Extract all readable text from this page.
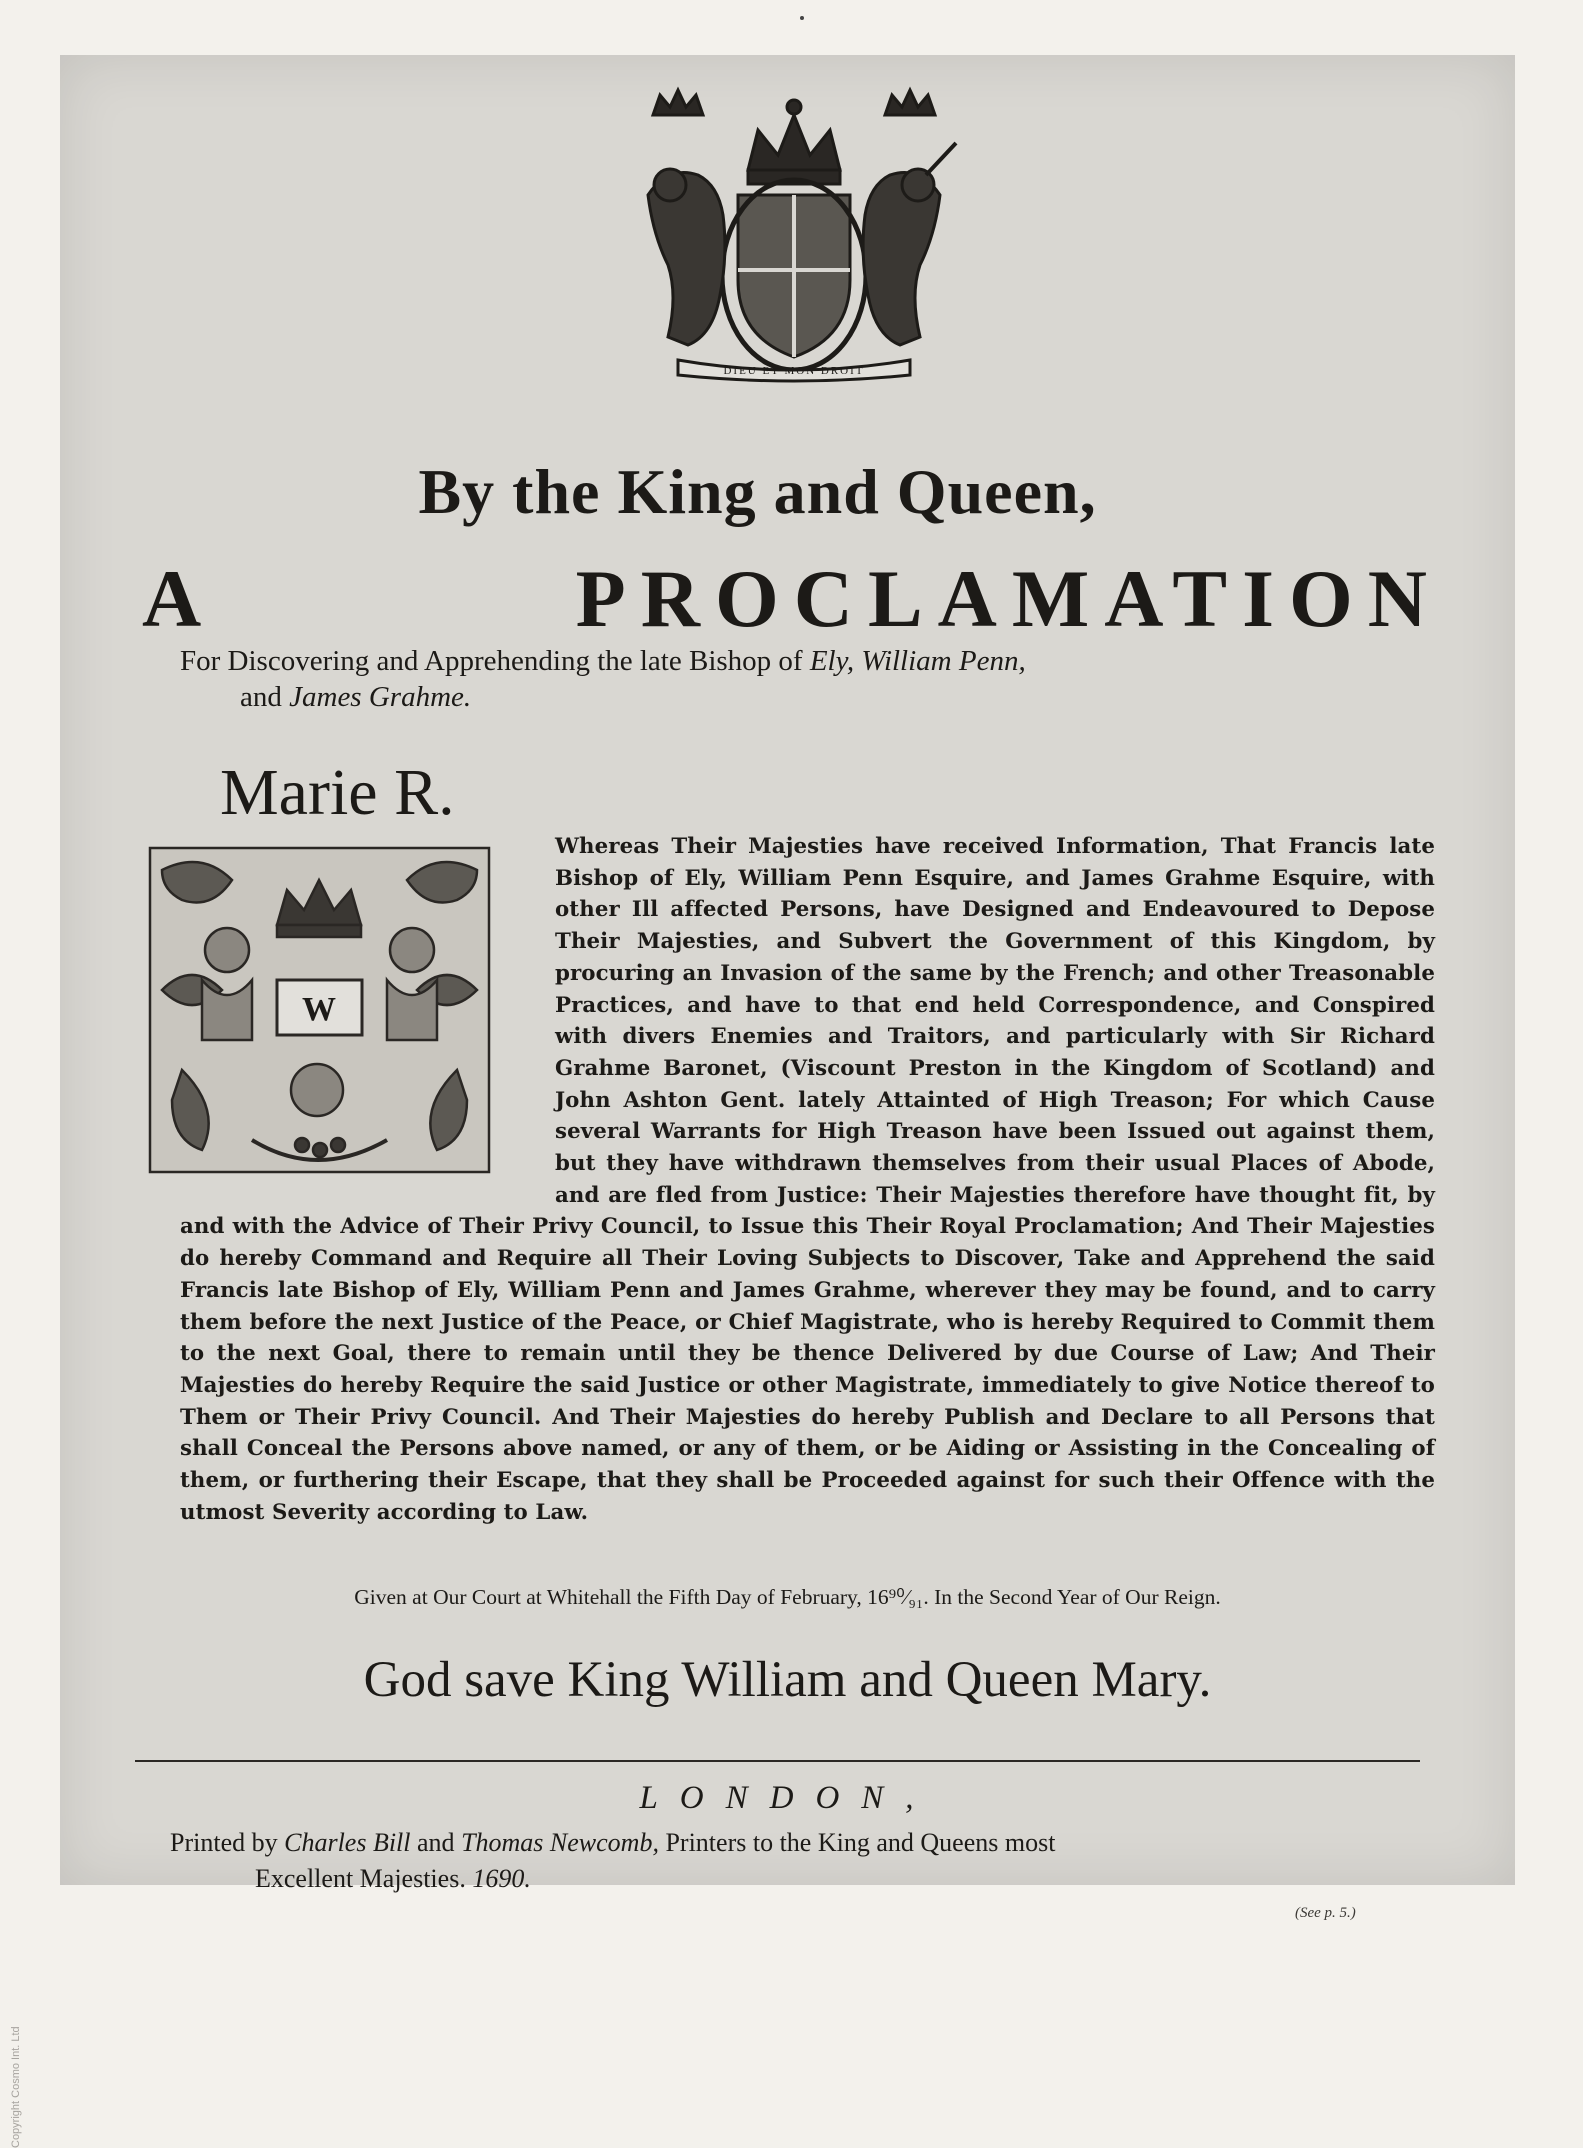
DIEU ET MON DROIT
By the King and Queen,
A PROCLAMATION

For Discovering and Apprehending the late Bishop of Ely, William Penn,
and James Grahme.

Marie R.
W

Whereas Their Majesties have received Information, That Francis late Bishop of Ely, William Penn Esquire, and James Grahme Esquire, with other Ill affected Persons, have Designed and Endeavoured to Depose Their Majesties, and Subvert the Government of this Kingdom, by procuring an Invasion of the same by the French; and other Treasonable Practices, and have to that end held Correspondence, and Conspired with divers Enemies and Traitors, and particularly with Sir Richard Grahme Baronet, (Viscount Preston in the Kingdom of Scotland) and John Ashton Gent. lately Attainted of High Treason; For which Cause several Warrants for High Treason have been Issued out against them, but they have withdrawn themselves from their usual Places of Abode, and are fled from Justice: Their Majesties therefore have thought fit, by and with the Advice of Their Privy Council, to Issue this Their Royal Proclamation; And Their Majesties do hereby Command and Require all Their Loving Subjects to Discover, Take and Apprehend the said Francis late Bishop of Ely, William Penn and James Grahme, wherever they may be found, and to carry them before the next Justice of the Peace, or Chief Magistrate, who is hereby Required to Commit them to the next Goal, there to remain until they be thence Delivered by due Course of Law; And Their Majesties do hereby Require the said Justice or other Magistrate, immediately to give Notice thereof to Them or Their Privy Council. And Their Majesties do hereby Publish and Declare to all Persons that shall Conceal the Persons above named, or any of them, or be Aiding or Assisting in the Concealing of them, or furthering their Escape, that they shall be Proceeded against for such their Offence with the utmost Severity according to Law.

Given at Our Court at Whitehall the Fifth Day of February, 16⁹⁰⁄₉₁. In the Second Year of Our Reign.

God save King William and Queen Mary.

LONDON,

Printed by Charles Bill and Thomas Newcomb, Printers to the King and Queens most
Excellent Majesties. 1690.

(See p. 5.)
Copyright Cosmo Int. Ltd
